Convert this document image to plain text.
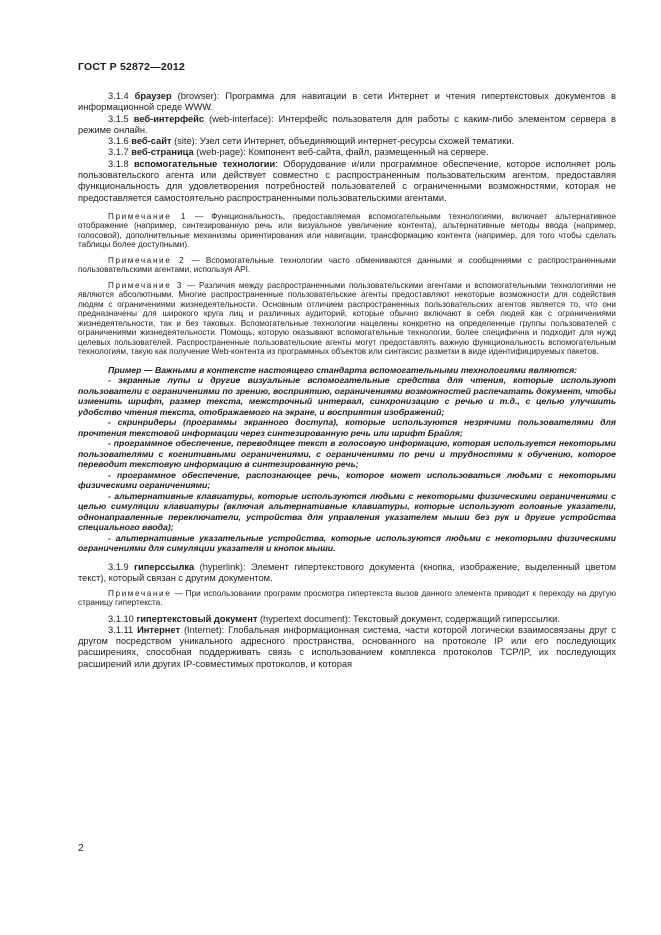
ГОСТ Р 52872—2012

3.1.4 браузер (browser): Программа для навигации в сети Интернет и чтения гипертекстовых документов в информационной среде WWW.

3.1.5 веб-интерфейс (web-interface): Интерфейс пользователя для работы с каким-либо элементом сервера в режиме онлайн.

3.1.6 веб-сайт (site): Узел сети Интернет, объединяющий интернет-ресурсы схожей тематики.

3.1.7 веб-страница (web-page): Компонент веб-сайта, файл, размещенный на сервере.

3.1.8 вспомогательные технологии: Оборудование и/или программное обеспечение, которое исполняет роль пользовательского агента или действует совместно с распространенным пользовательским агентом, предоставляя функциональность для удовлетворения потребностей пользователей с ограниченными возможностями, которая не предоставляется самостоятельно распространенными пользовательскими агентами.

Примечание 1 — Функциональность, предоставляемая вспомогательными технологиями, включает альтернативное отображение (например, синтезированную речь или визуальное увеличение контента), альтернативные методы ввода (например, голосовой), дополнительные механизмы ориентирования или навигации, трансформацию контента (например, для того чтобы сделать таблицы более доступными).

Примечание 2 — Вспомогательные технологии часто обмениваются данными и сообщениями с распространенными пользовательскими агентами, используя API.

Примечание 3 — Различия между распространенными пользовательскими агентами и вспомогательными технологиями не являются абсолютными. Многие распространенные пользовательские агенты предоставляют некоторые возможности для содействия людям с ограничениями жизнедеятельности. Основным отличием распространенных пользовательских агентов является то, что они предназначены для широкого круга лиц и различных аудиторий, которые обычно включают в себя людей как с ограничениями жизнедеятельности, так и без таковых. Вспомогательные технологии нацелены конкретно на определенные группы пользователей с ограничениями жизнедеятельности. Помощь, которую оказывают вспомогательные технологии, более специфична и подходит для нужд целевых пользователей. Распространенные пользовательские агенты могут предоставлять важную функциональность вспомогательным технологиям, такую как получение Web-контента из программных объектов или синтаксис разметки в виде идентифицируемых пакетов.

Пример — Важными в контексте настоящего стандарта вспомогательными технологиями являются:

- экранные лупы и другие визуальные вспомогательные средства для чтения, которые используют пользователи с ограничениями по зрению, восприятию, ограничениями возможностей распечатать документ, чтобы изменить шрифт, размер текста, межстрочный интервал, синхронизацию с речью и т.д., с целью улучшить удобство чтения текста, отображаемого на экране, и восприятия изображений;

- скринридеры (программы экранного доступа), которые используются незрячими пользователями для прочтения текстовой информации через синтезированную речь или шрифт Брайля;

- программное обеспечение, переводящее текст в голосовую информацию, которая используется некоторыми пользователями с когнитивными ограничениями, с ограничениями по речи и трудностями к обучению, которое переводит текстовую информацию в синтезированную речь;

- программное обеспечение, распознающее речь, которое может использоваться людьми с некоторыми физическими ограничениями;

- альтернативные клавиатуры, которые используются людьми с некоторыми физическими ограничениями с целью симуляции клавиатуры (включая альтернативные клавиатуры, которые используют головные указатели, однонаправленные переключатели, устройства для управления указателем мыши без рук и другие устройства специального ввода);

- альтернативные указательные устройства, которые используются людьми с некоторыми физическими ограничениями для симуляции указателя и кнопок мыши.

3.1.9 гиперссылка (hyperlink): Элемент гипертекстового документа (кнопка, изображение, выделенный цветом текст), который связан с другим документом.

Примечание — При использовании программ просмотра гипертекста вызов данного элемента приводит к переходу на другую страницу гипертекста.

3.1.10 гипертекстовый документ (hypertext document): Текстовый документ, содержащий гиперссылки.

3.1.11 Интернет (Internet): Глобальная информационная система, части которой логически взаимосвязаны друг с другом посредством уникального адресного пространства, основанного на протоколе IP или его последующих расширениях, способная поддерживать связь с использованием комплекса протоколов TCP/IP, их последующих расширений или других IP-совместимых протоколов, и которая

2
